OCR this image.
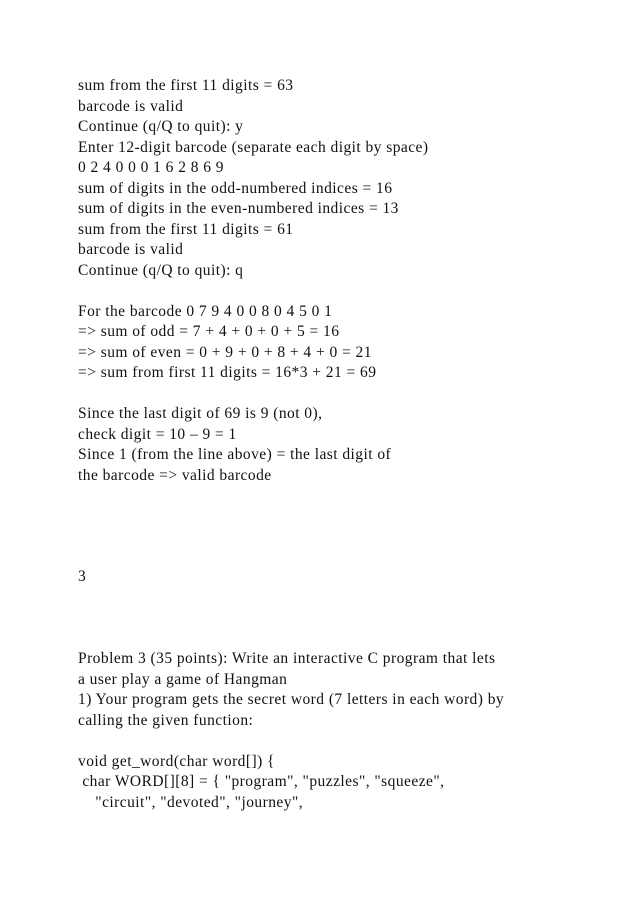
sum from the first 11 digits = 63
barcode is valid
Continue (q/Q to quit): y
Enter 12-digit barcode (separate each digit by space)
0 2 4 0 0 0 1 6 2 8 6 9
sum of digits in the odd-numbered indices = 16
sum of digits in the even-numbered indices = 13
sum from the first 11 digits = 61
barcode is valid
Continue (q/Q to quit): q
For the barcode 0 7 9 4 0 0 8 0 4 5 0 1
=> sum of odd = 7 + 4 + 0 + 0 + 5 = 16
=> sum of even = 0 + 9 + 0 + 8 + 4 + 0 = 21
=> sum from first 11 digits = 16*3 + 21 = 69
Since the last digit of 69 is 9 (not 0),
check digit = 10 – 9 = 1
Since 1 (from the line above) = the last digit of
the barcode => valid barcode
3
Problem 3 (35 points): Write an interactive C program that lets
a user play a game of Hangman
1) Your program gets the secret word (7 letters in each word) by
calling the given function:
void get_word(char word[]) {
char WORD[][8] = { "program", "puzzles", "squeeze",
"circuit", "devoted", "journey",
